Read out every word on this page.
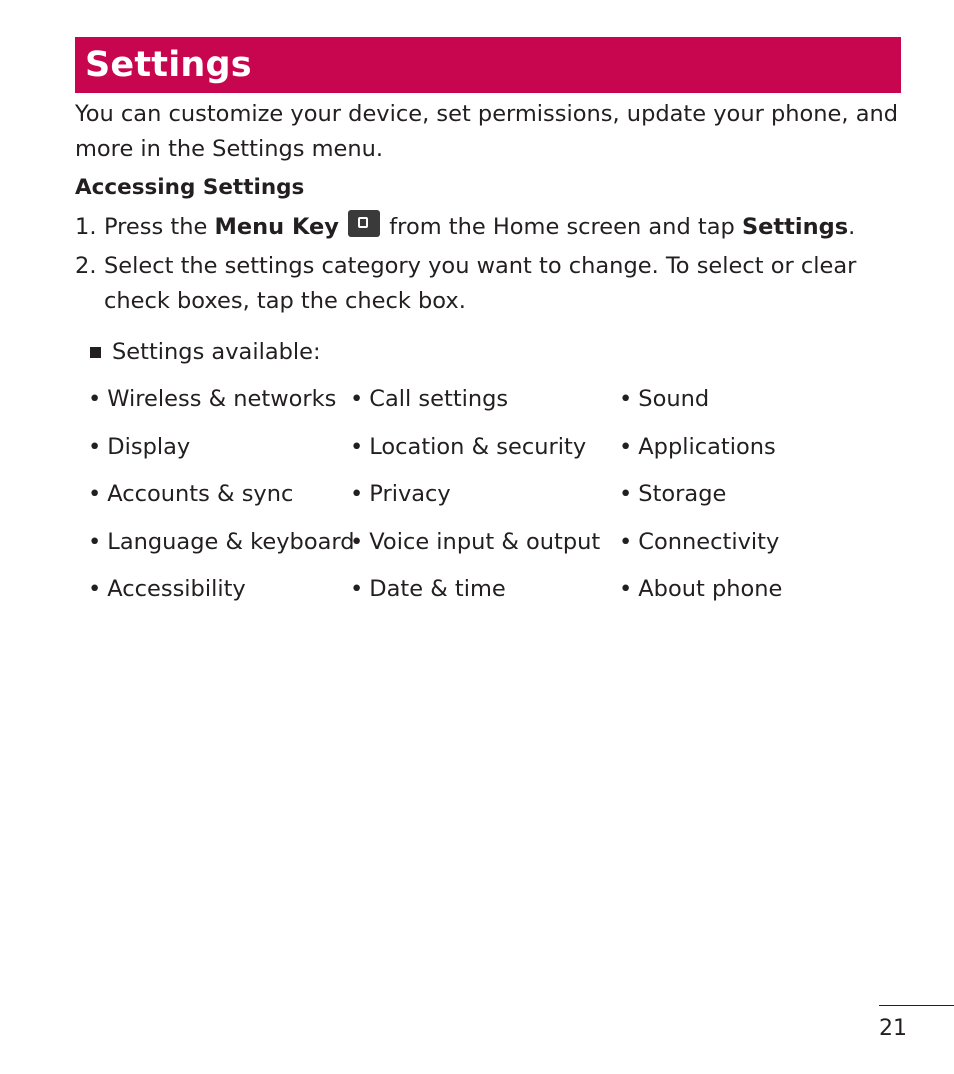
Settings

You can customize your device, set permissions, update your phone, and more in the Settings menu.

Accessing Settings
1. Press the Menu Key  from the Home screen and tap Settings.
2. Select the settings category you want to change. To select or clear check boxes, tap the check box.
Settings available:
• Wireless & networks
• Display
• Accounts & sync
• Language & keyboard
• Accessibility
• Call settings
• Location & security
• Privacy
• Voice input & output
• Date & time
• Sound
• Applications
• Storage
• Connectivity
• About phone
21
